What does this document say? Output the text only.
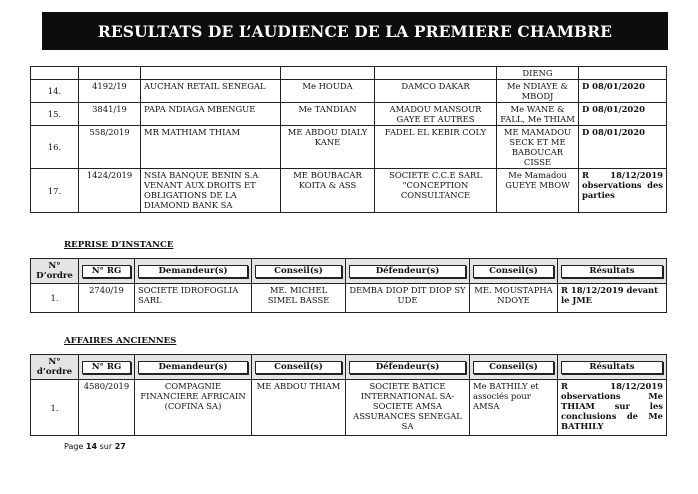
RESULTATS DE L’AUDIENCE DE LA PREMIERE CHAMBRE
					DIENG	
14.	4192/19	AUCHAN RETAIL SENEGAL	Me HOUDA	DAMCO DAKAR	Me NDIAYE & MBODJ	D 08/01/2020
15.	3841/19	PAPA NDIAGA MBENGUE	Me TANDIAN	AMADOU MANSOUR GAYE ET AUTRES	Me WANE & FALL, Me THIAM	D 08/01/2020
16.	558/2019	MR MATHIAM THIAM	ME ABDOU DIALY KANE	FADEL EL KEBIR COLY	ME MAMADOU SECK ET ME BABOUCAR CISSE	D 08/01/2020
17.	1424/2019	NSIA BANQUE BENIN S.A VENANT AUX DROITS ET OBLIGATIONS DE LA DIAMOND BANK SA	ME BOUBACAR KOITA & ASS	SOCIETE C.C.E SARL "CONCEPTION CONSULTANCE	Me Mamadou GUEYE MBOW	R 18/12/2019 observations des parties
REPRISE D’INSTANCE
N° D’ordre	N° RG	Demandeur(s)	Conseil(s)	Défendeur(s)	Conseil(s)	Résultats

1.	2740/19	SOCIETE IDROFOGLIA SARL	ME. MICHEL SIMEL BASSE	DEMBA DIOP DIT DIOP SY UDE	ME. MOUSTAPHA NDOYE	R 18/12/2019 devant le JME
AFFAIRES ANCIENNES
N° d’ordre	N° RG	Demandeur(s)	Conseil(s)	Défendeur(s)	Conseil(s)	Résultats

1.	4580/2019	COMPAGNIE FINANCIERE AFRICAIN (COFINA SA)	ME ABDOU THIAM	SOCIETE BATICE INTERNATIONAL SA-SOCIETE AMSA ASSURANCES SENEGAL SA	Me BATHILY et associés pour AMSA	R 18/12/2019 observations Me THIAM sur les conclusions de Me BATHILY
Page 14 sur 27
